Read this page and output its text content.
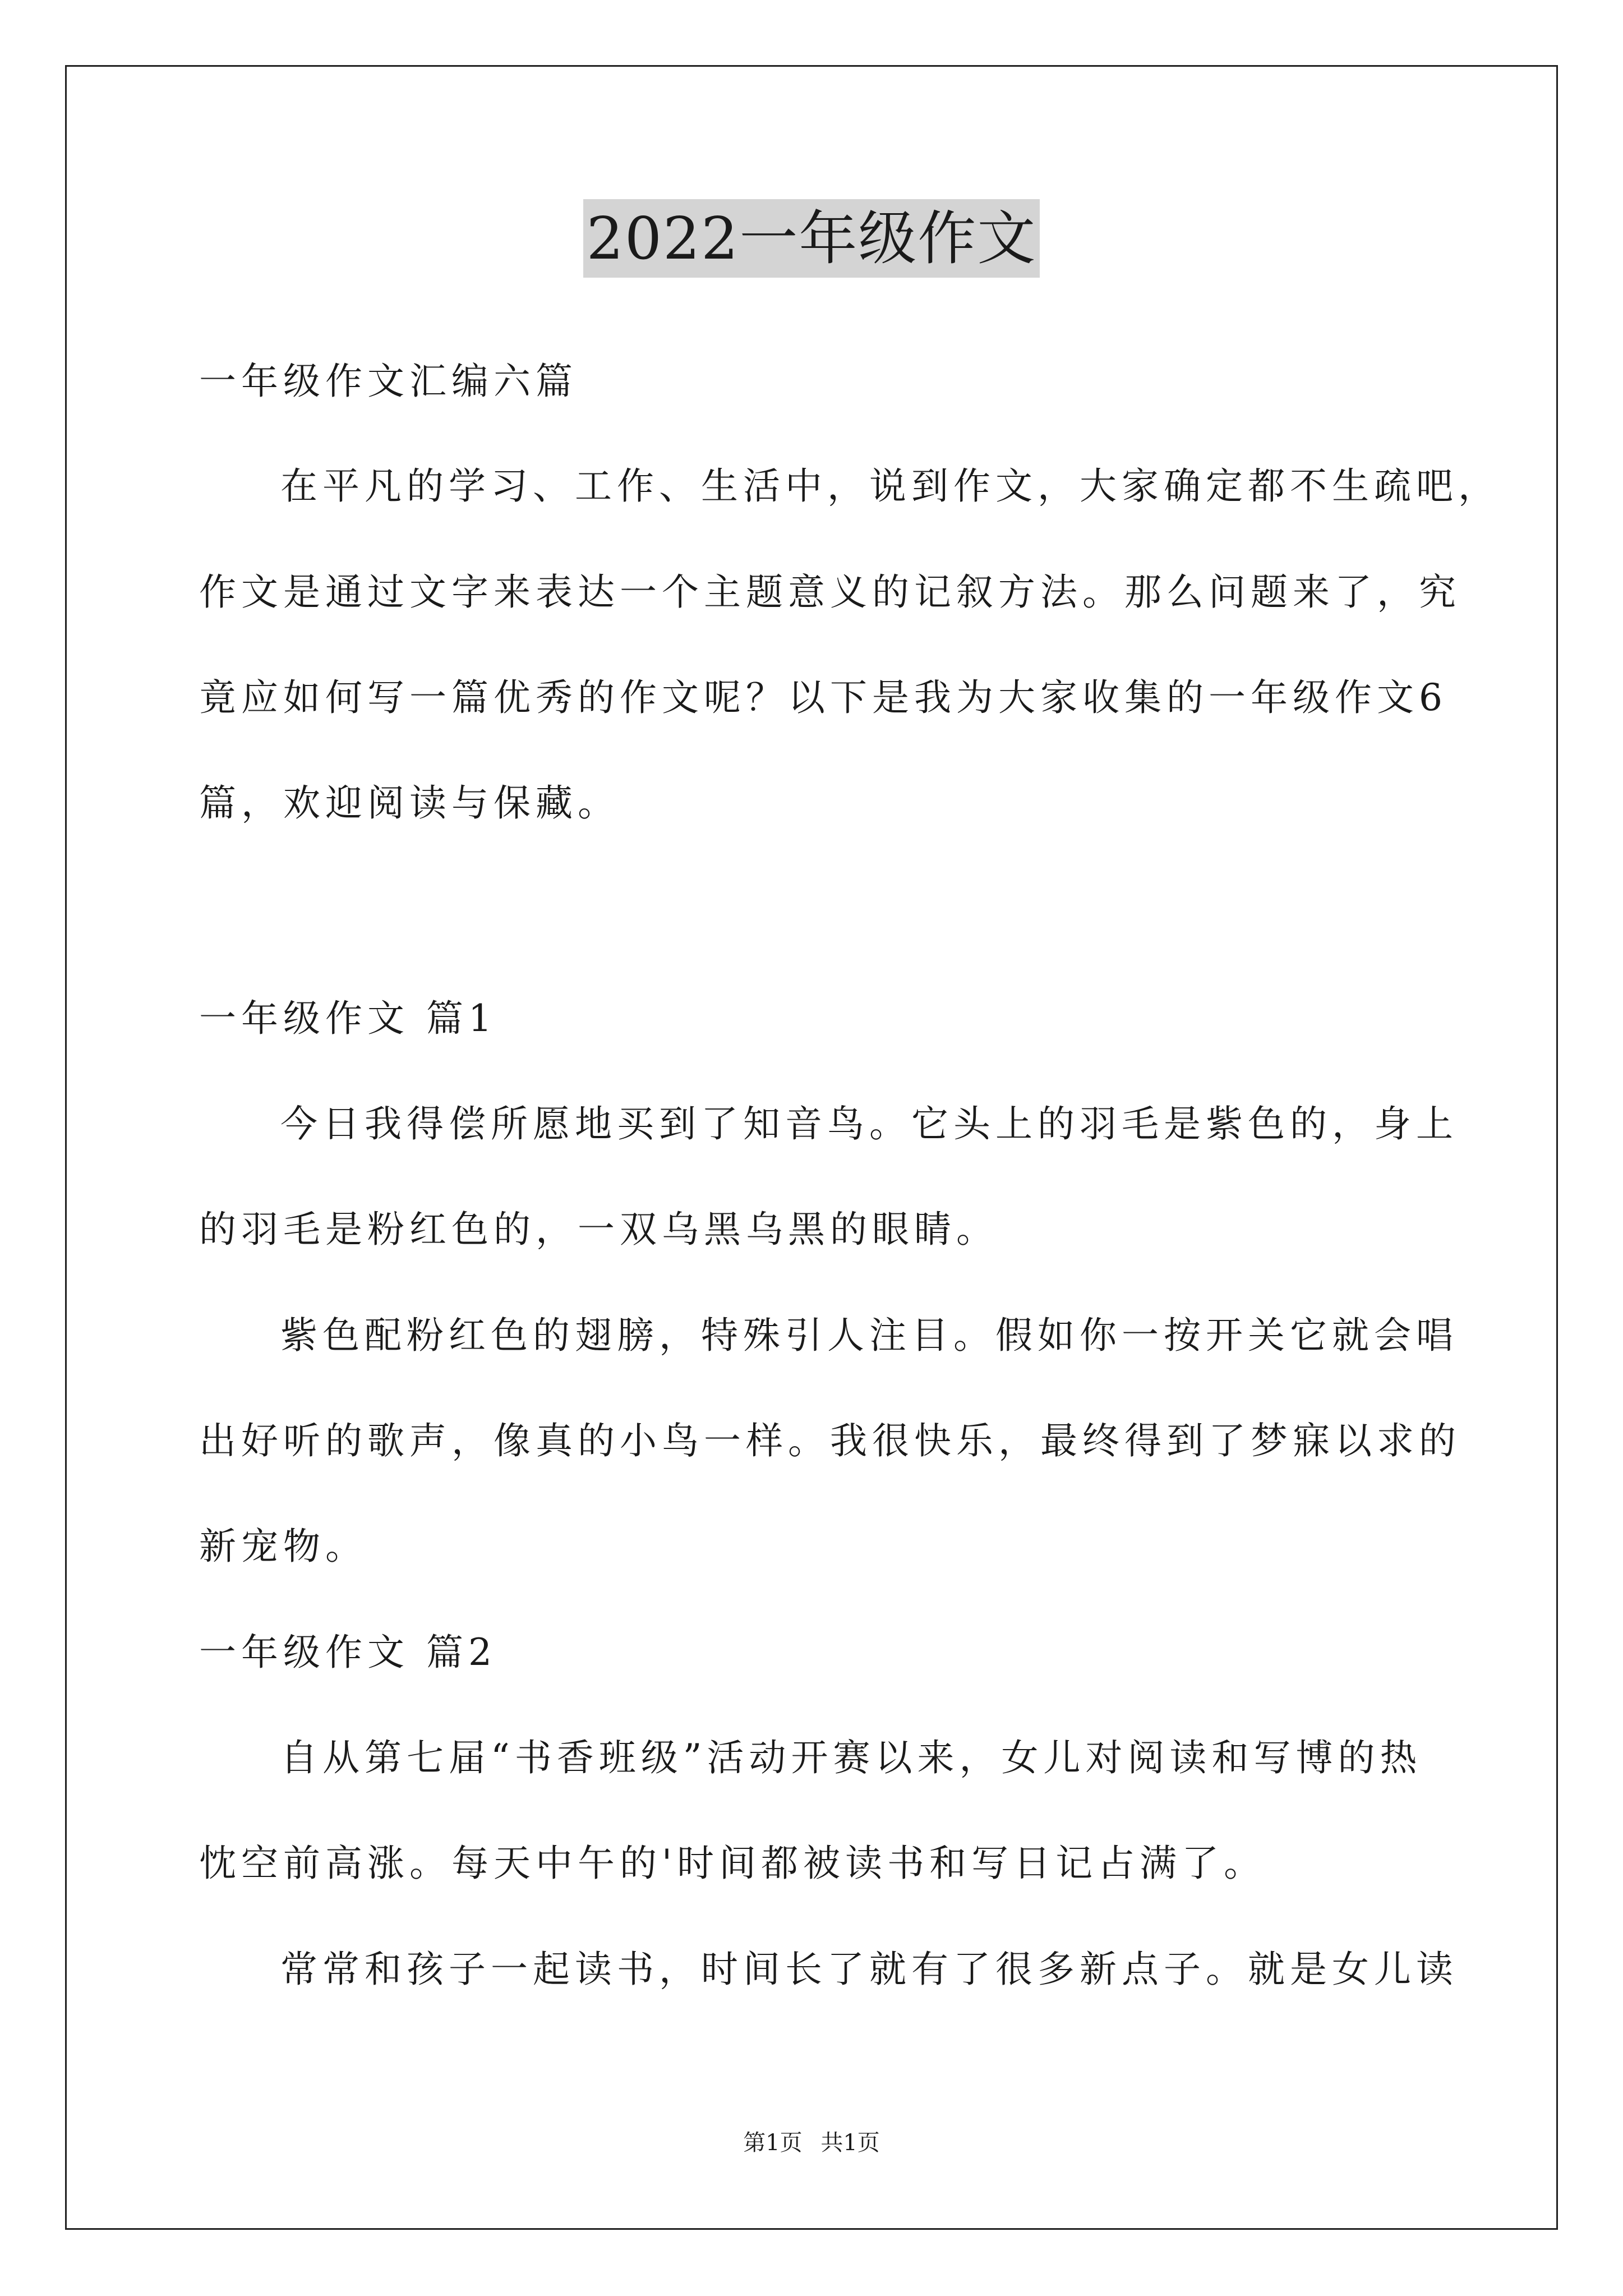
2022一年级作文
一年级作文汇编六篇
在平凡的学习、工作、生活中，说到作文，大家确定都不生疏吧，
作文是通过文字来表达一个主题意义的记叙方法。那么问题来了，究
竟应如何写一篇优秀的作文呢？以下是我为大家收集的一年级作文6
篇，欢迎阅读与保藏。
一年级作文 篇1
今日我得偿所愿地买到了知音鸟。它头上的羽毛是紫色的，身上
的羽毛是粉红色的，一双乌黑乌黑的眼睛。
紫色配粉红色的翅膀，特殊引人注目。假如你一按开关它就会唱
出好听的歌声，像真的小鸟一样。我很快乐，最终得到了梦寐以求的
新宠物。
一年级作文 篇2
自从第七届“书香班级”活动开赛以来，女儿对阅读和写博的热
忱空前高涨。每天中午的'时间都被读书和写日记占满了。
常常和孩子一起读书，时间长了就有了很多新点子。就是女儿读
第1页 共1页
